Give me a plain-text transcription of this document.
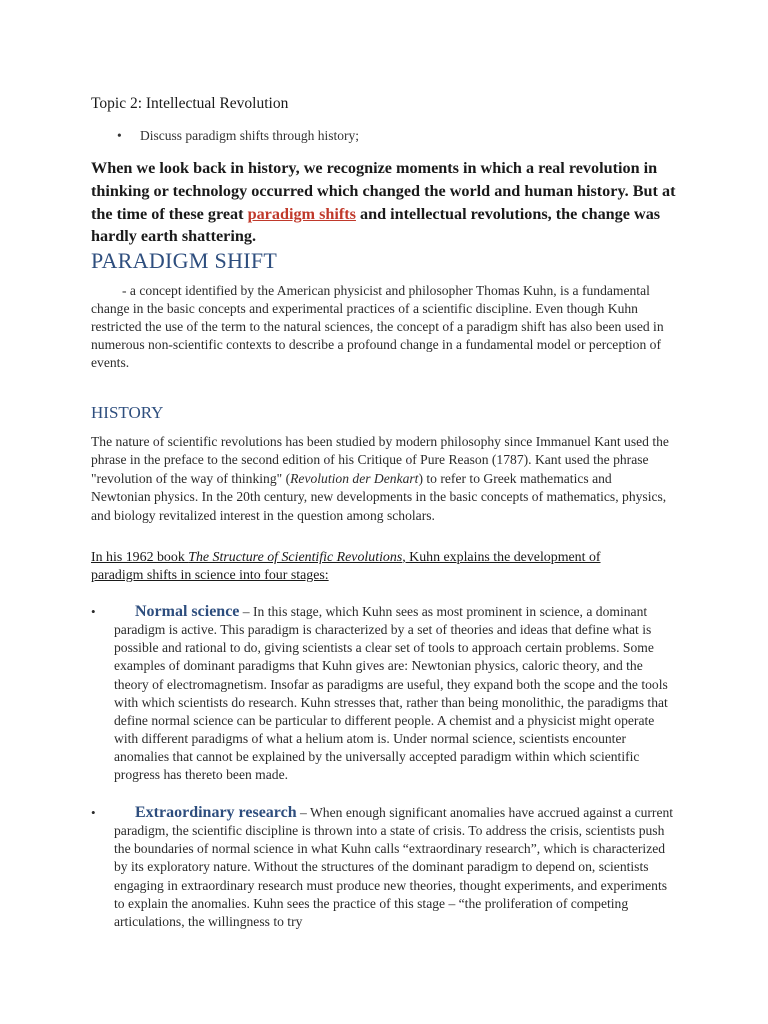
Topic 2: Intellectual Revolution
• Discuss paradigm shifts through history;
When we look back in history, we recognize moments in which a real revolution in thinking or technology occurred which changed the world and human history. But at the time of these great paradigm shifts and intellectual revolutions, the change was hardly earth shattering.
PARADIGM SHIFT
- a concept identified by the American physicist and philosopher Thomas Kuhn, is a fundamental change in the basic concepts and experimental practices of a scientific discipline. Even though Kuhn restricted the use of the term to the natural sciences, the concept of a paradigm shift has also been used in numerous non-scientific contexts to describe a profound change in a fundamental model or perception of events.
HISTORY
The nature of scientific revolutions has been studied by modern philosophy since Immanuel Kant used the phrase in the preface to the second edition of his Critique of Pure Reason (1787). Kant used the phrase "revolution of the way of thinking" (Revolution der Denkart) to refer to Greek mathematics and Newtonian physics. In the 20th century, new developments in the basic concepts of mathematics, physics, and biology revitalized interest in the question among scholars.
In his 1962 book The Structure of Scientific Revolutions, Kuhn explains the development of paradigm shifts in science into four stages:
•	Normal science – In this stage, which Kuhn sees as most prominent in science, a dominant paradigm is active. This paradigm is characterized by a set of theories and ideas that define what is possible and rational to do, giving scientists a clear set of tools to approach certain problems. Some examples of dominant paradigms that Kuhn gives are: Newtonian physics, caloric theory, and the theory of electromagnetism. Insofar as paradigms are useful, they expand both the scope and the tools with which scientists do research. Kuhn stresses that, rather than being monolithic, the paradigms that define normal science can be particular to different people. A chemist and a physicist might operate with different paradigms of what a helium atom is. Under normal science, scientists encounter anomalies that cannot be explained by the universally accepted paradigm within which scientific progress has thereto been made.
•	Extraordinary research – When enough significant anomalies have accrued against a current paradigm, the scientific discipline is thrown into a state of crisis. To address the crisis, scientists push the boundaries of normal science in what Kuhn calls “extraordinary research”, which is characterized by its exploratory nature. Without the structures of the dominant paradigm to depend on, scientists engaging in extraordinary research must produce new theories, thought experiments, and experiments to explain the anomalies. Kuhn sees the practice of this stage – “the proliferation of competing articulations, the willingness to try
